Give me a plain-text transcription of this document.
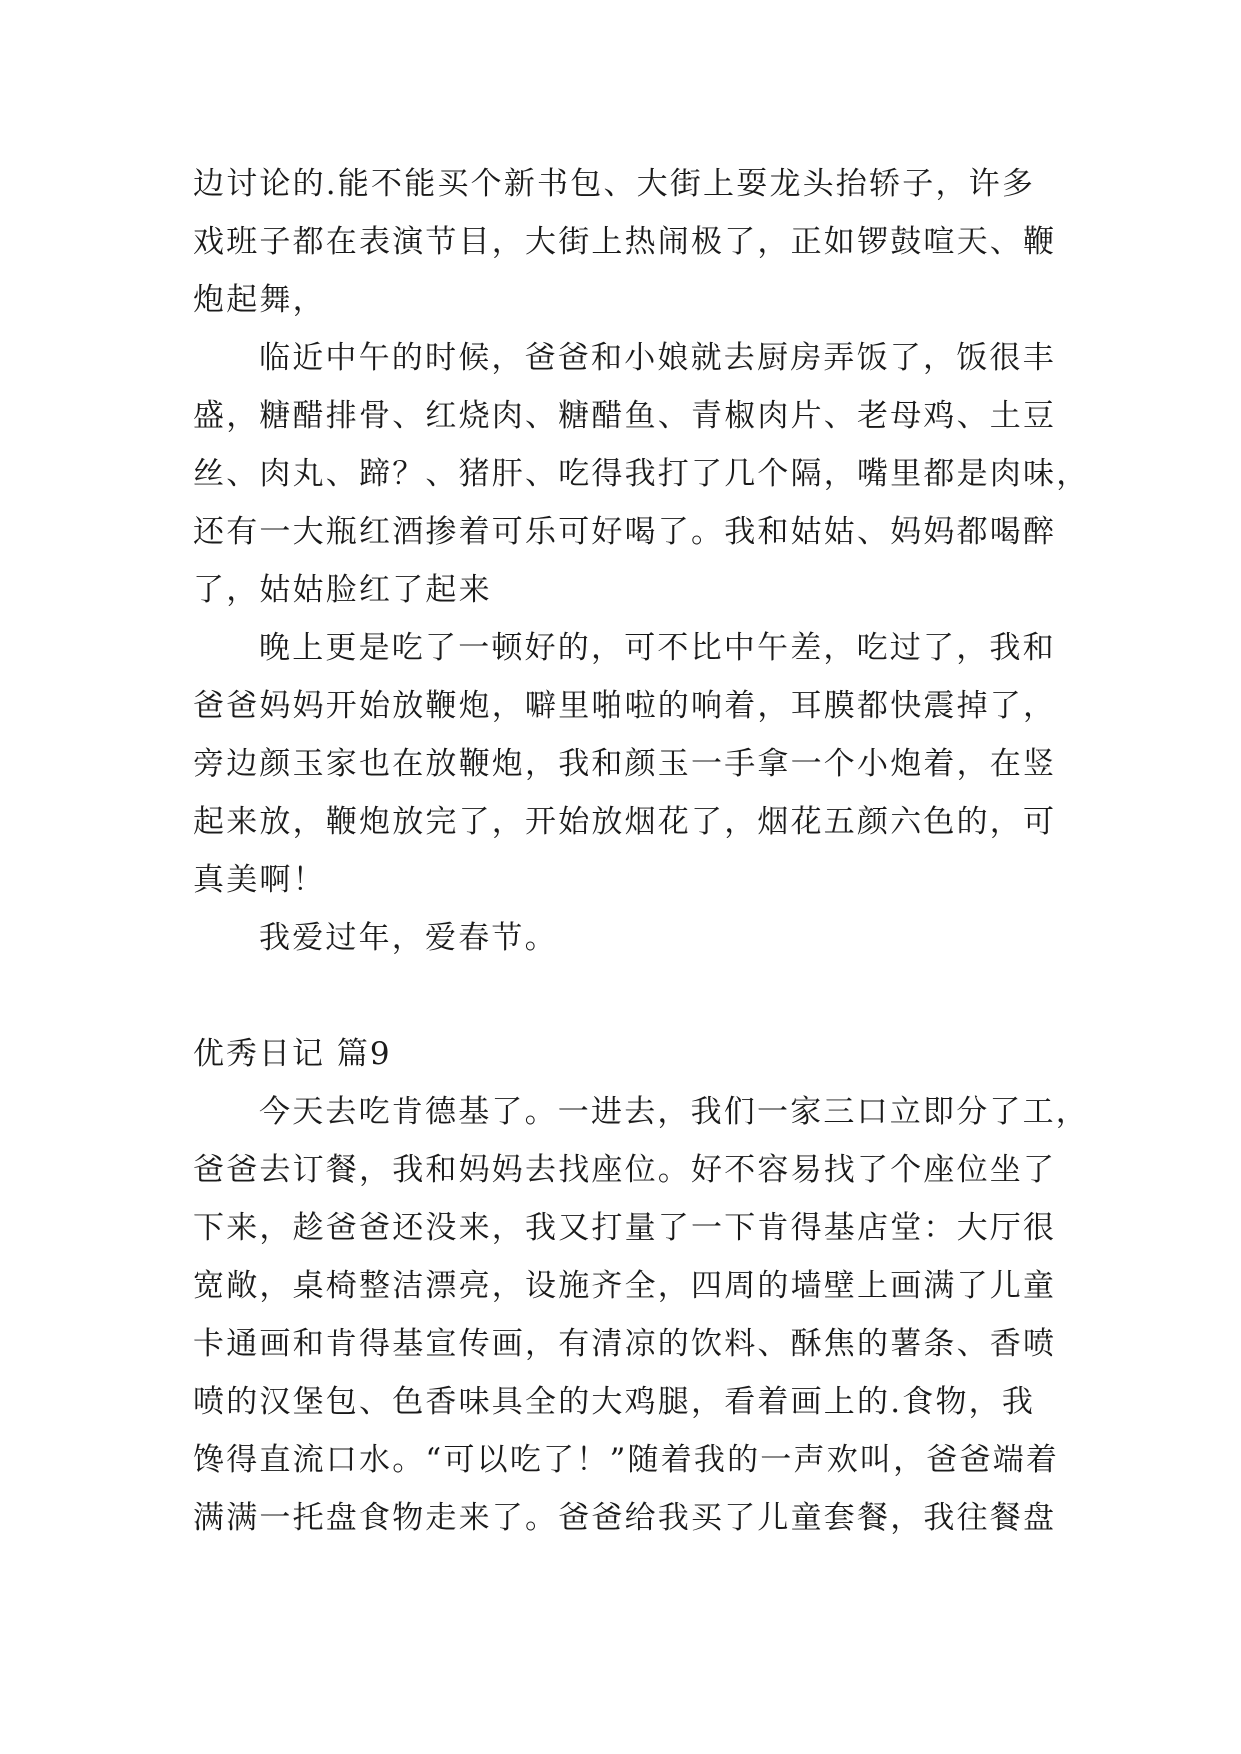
边讨论的.能不能买个新书包、大街上耍龙头抬轿子，许多
戏班子都在表演节目，大街上热闹极了，正如锣鼓喧天、鞭
炮起舞，
临近中午的时候，爸爸和小娘就去厨房弄饭了，饭很丰
盛，糖醋排骨、红烧肉、糖醋鱼、青椒肉片、老母鸡、土豆
丝、肉丸、蹄？、猪肝、吃得我打了几个隔，嘴里都是肉味，
还有一大瓶红酒掺着可乐可好喝了。我和姑姑、妈妈都喝醉
了，姑姑脸红了起来
晚上更是吃了一顿好的，可不比中午差，吃过了，我和
爸爸妈妈开始放鞭炮，噼里啪啦的响着，耳膜都快震掉了，
旁边颜玉家也在放鞭炮，我和颜玉一手拿一个小炮着，在竖
起来放，鞭炮放完了，开始放烟花了，烟花五颜六色的，可
真美啊！
我爱过年，爱春节。
优秀日记 篇9
今天去吃肯德基了。一进去，我们一家三口立即分了工，
爸爸去订餐，我和妈妈去找座位。好不容易找了个座位坐了
下来，趁爸爸还没来，我又打量了一下肯得基店堂：大厅很
宽敞，桌椅整洁漂亮，设施齐全，四周的墙壁上画满了儿童
卡通画和肯得基宣传画，有清凉的饮料、酥焦的薯条、香喷
喷的汉堡包、色香味具全的大鸡腿，看着画上的.食物，我
馋得直流口水。“可以吃了！”随着我的一声欢叫，爸爸端着
满满一托盘食物走来了。爸爸给我买了儿童套餐，我往餐盘
